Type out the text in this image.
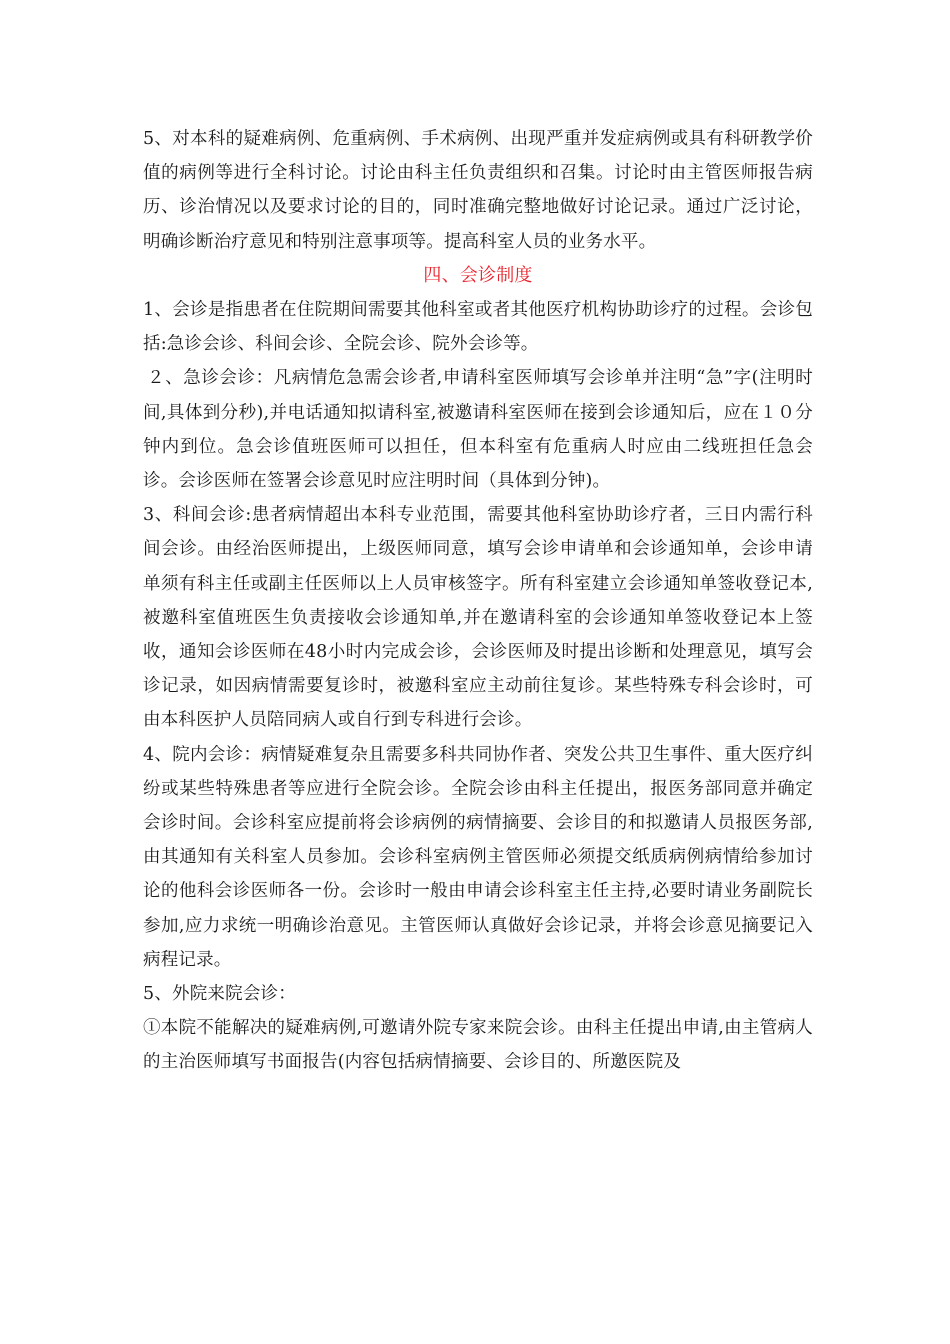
5、对本科的疑难病例、危重病例、手术病例、出现严重并发症病例或具有科研教学价值的病例等进行全科讨论。讨论由科主任负责组织和召集。讨论时由主管医师报告病历、诊治情况以及要求讨论的目的，同时准确完整地做好讨论记录。通过广泛讨论，明确诊断治疗意见和特别注意事项等。提高科室人员的业务水平。

四、会诊制度

1、会诊是指患者在住院期间需要其他科室或者其他医疗机构协助诊疗的过程。会诊包括:急诊会诊、科间会诊、全院会诊、院外会诊等。

２、急诊会诊：凡病情危急需会诊者,申请科室医师填写会诊单并注明“急”字(注明时间,具体到分秒),并电话通知拟请科室,被邀请科室医师在接到会诊通知后，应在１０分钟内到位。急会诊值班医师可以担任，但本科室有危重病人时应由二线班担任急会诊。会诊医师在签署会诊意见时应注明时间（具体到分钟)。

3、科间会诊:患者病情超出本科专业范围，需要其他科室协助诊疗者，三日内需行科间会诊。由经治医师提出，上级医师同意，填写会诊申请单和会诊通知单，会诊申请单须有科主任或副主任医师以上人员审核签字。所有科室建立会诊通知单签收登记本,被邀科室值班医生负责接收会诊通知单,并在邀请科室的会诊通知单签收登记本上签收，通知会诊医师在48小时内完成会诊，会诊医师及时提出诊断和处理意见，填写会诊记录，如因病情需要复诊时，被邀科室应主动前往复诊。某些特殊专科会诊时，可由本科医护人员陪同病人或自行到专科进行会诊。

4、院内会诊：病情疑难复杂且需要多科共同协作者、突发公共卫生事件、重大医疗纠纷或某些特殊患者等应进行全院会诊。全院会诊由科主任提出，报医务部同意并确定会诊时间。会诊科室应提前将会诊病例的病情摘要、会诊目的和拟邀请人员报医务部,由其通知有关科室人员参加。会诊科室病例主管医师必须提交纸质病例病情给参加讨论的他科会诊医师各一份。会诊时一般由申请会诊科室主任主持,必要时请业务副院长参加,应力求统一明确诊治意见。主管医师认真做好会诊记录，并将会诊意见摘要记入病程记录。

5、外院来院会诊：

①本院不能解决的疑难病例,可邀请外院专家来院会诊。由科主任提出申请,由主管病人的主治医师填写书面报告(内容包括病情摘要、会诊目的、所邀医院及
